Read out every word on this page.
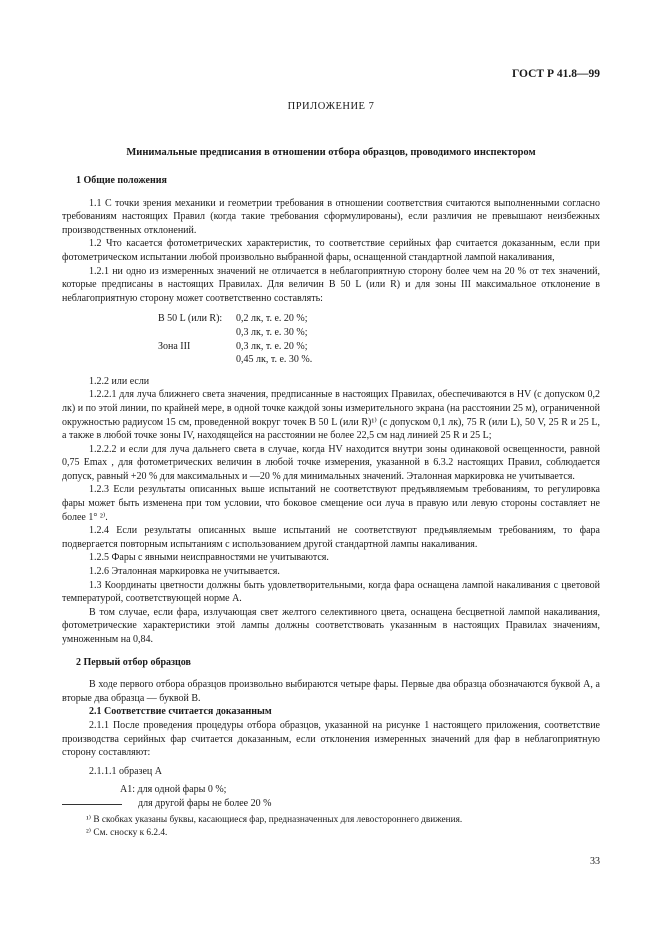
ГОСТ Р 41.8—99
ПРИЛОЖЕНИЕ 7
Минимальные предписания в отношении отбора образцов, проводимого инспектором
1 Общие положения

1.1 С точки зрения механики и геометрии требования в отношении соответствия считаются выполненными согласно требованиям настоящих Правил (когда такие требования сформулированы), если различия не превышают неизбежных производственных отклонений.

1.2 Что касается фотометрических характеристик, то соответствие серийных фар считается доказанным, если при фотометрическом испытании любой произвольно выбранной фары, оснащенной стандартной лампой накаливания,

1.2.1 ни одно из измеренных значений не отличается в неблагоприятную сторону более чем на 20 % от тех значений, которые предписаны в настоящих Правилах. Для величин В 50 L (или R) и для зоны III максимальное отклонение в неблагоприятную сторону может соответственно составлять:

B 50 L (или R):	0,2 лк, т. е. 20 %;
0,3 лк, т. е. 30 %;
Зона III	0,3 лк, т. е. 20 %;
0,45 лк, т. е. 30 %.

1.2.2 или если

1.2.2.1 для луча ближнего света значения, предписанные в настоящих Правилах, обеспечиваются в HV (с допуском 0,2 лк) и по этой линии, по крайней мере, в одной точке каждой зоны измерительного экрана (на расстоянии 25 м), ограниченной окружностью радиусом 15 см, проведенной вокруг точек B 50 L (или R)¹⁾ (с допуском 0,1 лк), 75 R (или L), 50 V, 25 R и 25 L, а также в любой точке зоны IV, находящейся на расстоянии не более 22,5 см над линией 25 R и 25 L;

1.2.2.2 и если для луча дальнего света в случае, когда HV находится внутри зоны одинаковой освещенности, равной 0,75 Emax , для фотометрических величин в любой точке измерения, указанной в 6.3.2 настоящих Правил, соблюдается допуск, равный +20 % для максимальных и —20 % для минимальных значений. Эталонная маркировка не учитывается.

1.2.3 Если результаты описанных выше испытаний не соответствуют предъявляемым требованиям, то регулировка фары может быть изменена при том условии, что боковое смещение оси луча в правую или левую стороны составляет не более 1° ²⁾.

1.2.4 Если результаты описанных выше испытаний не соответствуют предъявляемым требованиям, то фара подвергается повторным испытаниям с использованием другой стандартной лампы накаливания.

1.2.5 Фары с явными неисправностями не учитываются.

1.2.6 Эталонная маркировка не учитывается.

1.3 Координаты цветности должны быть удовлетворительными, когда фара оснащена лампой накаливания с цветовой температурой, соответствующей норме А.

В том случае, если фара, излучающая свет желтого селективного цвета, оснащена бесцветной лампой накаливания, фотометрические характеристики этой лампы должны соответствовать указанным в настоящих Правилах значениям, умноженным на 0,84.

2 Первый отбор образцов

В ходе первого отбора образцов произвольно выбираются четыре фары. Первые два образца обозначаются буквой А, а вторые два образца — буквой В.

2.1 Соответствие считается доказанным

2.1.1 После проведения процедуры отбора образцов, указанной на рисунке 1 настоящего приложения, соответствие производства серийных фар считается доказанным, если отклонения измеренных значений для фар в неблагоприятную сторону составляют:

2.1.1.1 образец А

A1: для одной фары 0 %;

для другой фары не более 20 %

¹⁾ В скобках указаны буквы, касающиеся фар, предназначенных для левостороннего движения.
²⁾ См. сноску к 6.2.4.
33
